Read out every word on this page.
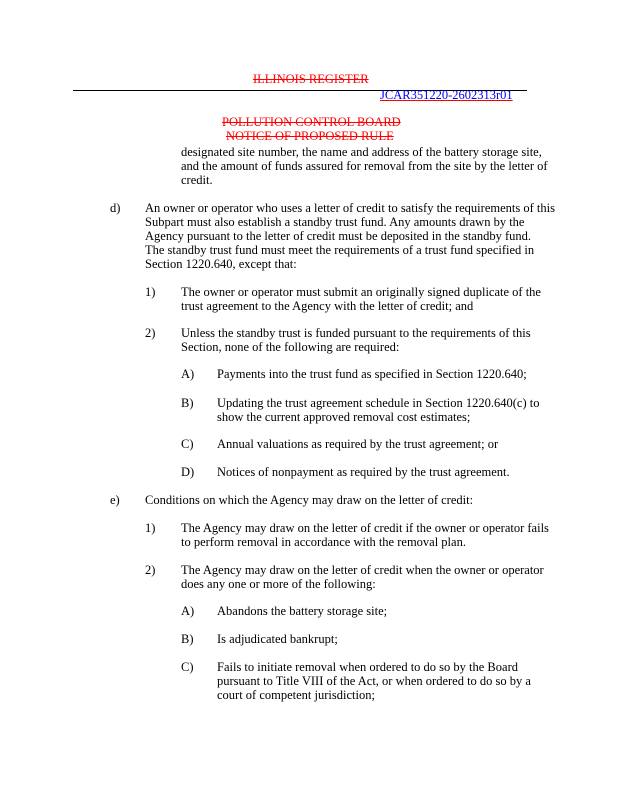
ILLINOIS REGISTER
JCAR351220-2602313r01
POLLUTION CONTROL BOARD
NOTICE OF PROPOSED RULE
designated site number, the name and address of the battery storage site,
and the amount of funds assured for removal from the site by the letter of
credit.
d) An owner or operator who uses a letter of credit to satisfy the requirements of this
Subpart must also establish a standby trust fund. Any amounts drawn by the
Agency pursuant to the letter of credit must be deposited in the standby fund.
The standby trust fund must meet the requirements of a trust fund specified in
Section 1220.640, except that:
1) The owner or operator must submit an originally signed duplicate of the
trust agreement to the Agency with the letter of credit; and
2) Unless the standby trust is funded pursuant to the requirements of this
Section, none of the following are required:
A) Payments into the trust fund as specified in Section 1220.640;
B) Updating the trust agreement schedule in Section 1220.640(c) to
show the current approved removal cost estimates;
C) Annual valuations as required by the trust agreement; or
D) Notices of nonpayment as required by the trust agreement.
e) Conditions on which the Agency may draw on the letter of credit:
1) The Agency may draw on the letter of credit if the owner or operator fails
to perform removal in accordance with the removal plan.
2) The Agency may draw on the letter of credit when the owner or operator
does any one or more of the following:
A) Abandons the battery storage site;
B) Is adjudicated bankrupt;
C) Fails to initiate removal when ordered to do so by the Board
pursuant to Title VIII of the Act, or when ordered to do so by a
court of competent jurisdiction;
